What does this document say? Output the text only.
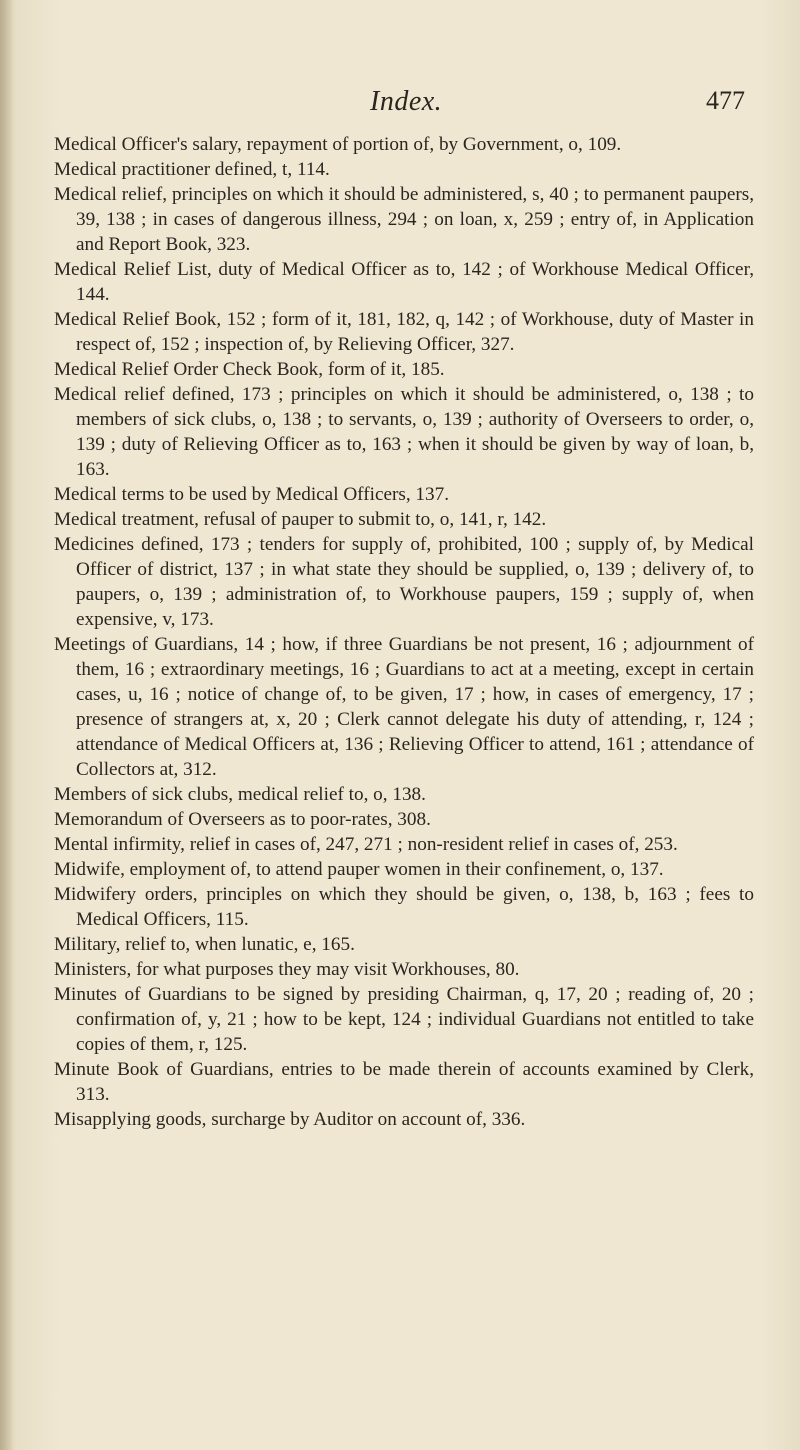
Index.	477

Medical Officer's salary, repayment of portion of, by Government, o, 109.

Medical practitioner defined, t, 114.

Medical relief, principles on which it should be administered, s, 40 ; to permanent paupers, 39, 138 ; in cases of dangerous illness, 294 ; on loan, x, 259 ; entry of, in Application and Report Book, 323.

Medical Relief List, duty of Medical Officer as to, 142 ; of Workhouse Medical Officer, 144.

Medical Relief Book, 152 ; form of it, 181, 182, q, 142 ; of Workhouse, duty of Master in respect of, 152 ; inspection of, by Relieving Officer, 327.

Medical Relief Order Check Book, form of it, 185.

Medical relief defined, 173 ; principles on which it should be administered, o, 138 ; to members of sick clubs, o, 138 ; to servants, o, 139 ; authority of Overseers to order, o, 139 ; duty of Relieving Officer as to, 163 ; when it should be given by way of loan, b, 163.

Medical terms to be used by Medical Officers, 137.

Medical treatment, refusal of pauper to submit to, o, 141, r, 142.

Medicines defined, 173 ; tenders for supply of, prohibited, 100 ; supply of, by Medical Officer of district, 137 ; in what state they should be supplied, o, 139 ; delivery of, to paupers, o, 139 ; administration of, to Workhouse paupers, 159 ; supply of, when expensive, v, 173.

Meetings of Guardians, 14 ; how, if three Guardians be not present, 16 ; adjournment of them, 16 ; extraordinary meetings, 16 ; Guardians to act at a meeting, except in certain cases, u, 16 ; notice of change of, to be given, 17 ; how, in cases of emergency, 17 ; presence of strangers at, x, 20 ; Clerk cannot delegate his duty of attending, r, 124 ; attendance of Medical Officers at, 136 ; Relieving Officer to attend, 161 ; attendance of Collectors at, 312.

Members of sick clubs, medical relief to, o, 138.

Memorandum of Overseers as to poor-rates, 308.

Mental infirmity, relief in cases of, 247, 271 ; non-resident relief in cases of, 253.

Midwife, employment of, to attend pauper women in their confinement, o, 137.

Midwifery orders, principles on which they should be given, o, 138, b, 163 ; fees to Medical Officers, 115.

Military, relief to, when lunatic, e, 165.

Ministers, for what purposes they may visit Workhouses, 80.

Minutes of Guardians to be signed by presiding Chairman, q, 17, 20 ; reading of, 20 ; confirmation of, y, 21 ; how to be kept, 124 ; individual Guardians not entitled to take copies of them, r, 125.

Minute Book of Guardians, entries to be made therein of accounts examined by Clerk, 313.

Misapplying goods, surcharge by Auditor on account of, 336.
